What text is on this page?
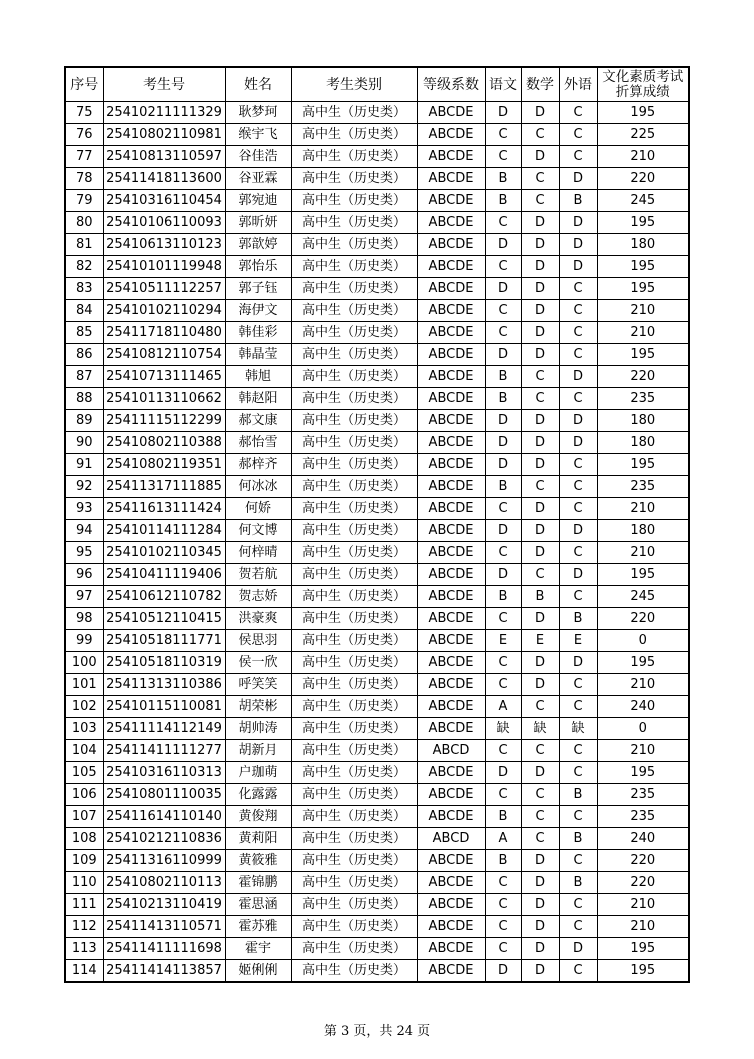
序号	考生号	姓名	考生类别	等级系数	语文	数学	外语	文化素质考试折算成绩
75	25410211111329	耿梦珂	高中生（历史类）	ABCDE	D	D	C	195
76	25410802110981	缑宇飞	高中生（历史类）	ABCDE	C	C	C	225
77	25410813110597	谷佳浩	高中生（历史类）	ABCDE	C	D	C	210
78	25411418113600	谷亚霖	高中生（历史类）	ABCDE	B	C	D	220
79	25410316110454	郭宛迪	高中生（历史类）	ABCDE	B	C	B	245
80	25410106110093	郭昕妍	高中生（历史类）	ABCDE	C	D	D	195
81	25410613110123	郭歆婷	高中生（历史类）	ABCDE	D	D	D	180
82	25410101119948	郭怡乐	高中生（历史类）	ABCDE	C	D	D	195
83	25410511112257	郭子钰	高中生（历史类）	ABCDE	D	D	C	195
84	25410102110294	海伊文	高中生（历史类）	ABCDE	C	D	C	210
85	25411718110480	韩佳彩	高中生（历史类）	ABCDE	C	D	C	210
86	25410812110754	韩晶莹	高中生（历史类）	ABCDE	D	D	C	195
87	25410713111465	韩旭	高中生（历史类）	ABCDE	B	C	D	220
88	25410113110662	韩赵阳	高中生（历史类）	ABCDE	B	C	C	235
89	25411115112299	郝文康	高中生（历史类）	ABCDE	D	D	D	180
90	25410802110388	郝怡雪	高中生（历史类）	ABCDE	D	D	D	180
91	25410802119351	郝梓齐	高中生（历史类）	ABCDE	D	D	C	195
92	25411317111885	何冰冰	高中生（历史类）	ABCDE	B	C	C	235
93	25411613111424	何娇	高中生（历史类）	ABCDE	C	D	C	210
94	25410114111284	何文博	高中生（历史类）	ABCDE	D	D	D	180
95	25410102110345	何梓晴	高中生（历史类）	ABCDE	C	D	C	210
96	25410411119406	贺若航	高中生（历史类）	ABCDE	D	C	D	195
97	25410612110782	贺志娇	高中生（历史类）	ABCDE	B	B	C	245
98	25410512110415	洪豪爽	高中生（历史类）	ABCDE	C	D	B	220
99	25410518111771	侯思羽	高中生（历史类）	ABCDE	E	E	E	0
100	25410518110319	侯一欣	高中生（历史类）	ABCDE	C	D	D	195
101	25411313110386	呼笑笑	高中生（历史类）	ABCDE	C	D	C	210
102	25410115110081	胡荣彬	高中生（历史类）	ABCDE	A	C	C	240
103	25411114112149	胡帅涛	高中生（历史类）	ABCDE	缺	缺	缺	0
104	25411411111277	胡新月	高中生（历史类）	ABCD	C	C	C	210
105	25410316110313	户珈萌	高中生（历史类）	ABCDE	D	D	C	195
106	25410801110035	化露露	高中生（历史类）	ABCDE	C	C	B	235
107	25411614110140	黄俊翔	高中生（历史类）	ABCDE	B	C	C	235
108	25410212110836	黄莉阳	高中生（历史类）	ABCD	A	C	B	240
109	25411316110999	黄筱雅	高中生（历史类）	ABCDE	B	D	C	220
110	25410802110113	霍锦鹏	高中生（历史类）	ABCDE	C	D	B	220
111	25410213110419	霍思涵	高中生（历史类）	ABCDE	C	D	C	210
112	25411413110571	霍苏雅	高中生（历史类）	ABCDE	C	D	C	210
113	25411411111698	霍宇	高中生（历史类）	ABCDE	C	D	D	195
114	25411414113857	姬俐俐	高中生（历史类）	ABCDE	D	D	C	195
第 3 页，共 24 页
